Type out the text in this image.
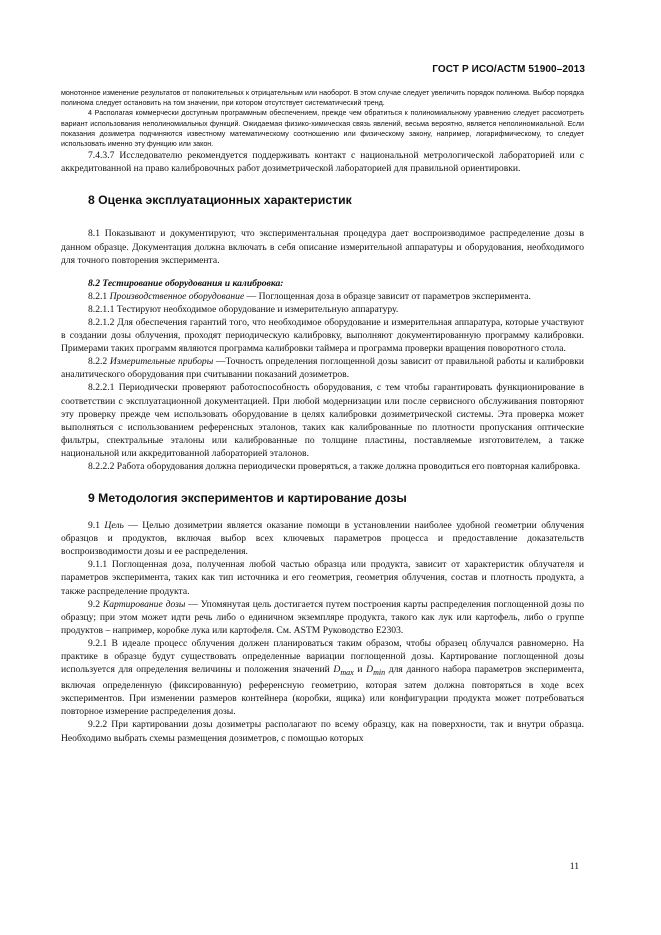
ГОСТ Р ИСО/АСТМ 51900–2013

монотонное изменение результатов от положительных к отрицательным или наоборот. В этом случае следует увеличить порядок полинома. Выбор порядка полинома следует остановить на том значении, при котором отсутствует систематический тренд.

4 Располагая коммерчески доступным программным обеспечением, прежде чем обратиться к полиномиальному уравнению следует рассмотреть вариант использования неполиномиальных функций. Ожидаемая физико-химическая связь явлений, весьма вероятно, является неполиномиальной. Если показания дозиметра подчиняются известному математическому соотношению или физическому закону, например, логарифмическому, то следует использовать именно эту функцию или закон.

7.4.3.7 Исследователю рекомендуется поддерживать контакт с национальной метрологической лабораторией или с аккредитованной на право калибровочных работ дозиметрической лабораторией для правильной ориентировки.

8 Оценка эксплуатационных характеристик

8.1 Показывают и документируют, что экспериментальная процедура дает воспроизводимое распределение дозы в данном образце. Документация должна включать в себя описание измерительной аппаратуры и оборудования, необходимого для точного повторения эксперимента.

8.2 Тестирование оборудования и калибровка:

8.2.1 Производственное оборудование — Поглощенная доза в образце зависит от параметров эксперимента.

8.2.1.1 Тестируют необходимое оборудование и измерительную аппаратуру.

8.2.1.2 Для обеспечения гарантий того, что необходимое оборудование и измерительная аппаратура, которые участвуют в создании дозы облучения, проходят периодическую калибровку, выполняют документированную программу калибровки. Примерами таких программ являются программа калибровки таймера и программа проверки вращения поворотного стола.

8.2.2 Измерительные приборы —Точность определения поглощенной дозы зависит от правильной работы и калибровки аналитического оборудования при считывании показаний дозиметров.

8.2.2.1 Периодически проверяют работоспособность оборудования, с тем чтобы гарантировать функционирование в соответствии с эксплуатационной документацией. При любой модернизации или после сервисного обслуживания повторяют эту проверку прежде чем использовать оборудование в целях калибровки дозиметрической системы. Эта проверка может выполняться с использованием референсных эталонов, таких как калиброванные по плотности пропускания оптические фильтры, спектральные эталоны или калиброванные по толщине пластины, поставляемые изготовителем, а также национальной или аккредитованной лабораторией эталонов.

8.2.2.2 Работа оборудования должна периодически проверяться, а также должна проводиться его повторная калибровка.

9 Методология экспериментов и картирование дозы

9.1 Цель — Целью дозиметрии является оказание помощи в установлении наиболее удобной геометрии облучения образцов и продуктов, включая выбор всех ключевых параметров процесса и предоставление доказательств воспроизводимости дозы и ее распределения.

9.1.1 Поглощенная доза, полученная любой частью образца или продукта, зависит от характеристик облучателя и параметров эксперимента, таких как тип источника и его геометрия, геометрия облучения, состав и плотность продукта, а также распределение продукта.

9.2 Картирование дозы — Упомянутая цель достигается путем построения карты распределения поглощенной дозы по образцу; при этом может идти речь либо о единичном экземпляре продукта, такого как лук или картофель, либо о группе продуктов – например, коробке лука или картофеля. См. ASTM Руководство Е2303.

9.2.1 В идеале процесс облучения должен планироваться таким образом, чтобы образец облучался равномерно. На практике в образце будут существовать определенные вариации поглощенной дозы. Картирование поглощенной дозы используется для определения величины и положения значений $D_{max}$ и $D_{min}$ для данного набора параметров эксперимента, включая определенную (фиксированную) референсную геометрию, которая затем должна повторяться в ходе всех экспериментов. При изменении размеров контейнера (коробки, ящика) или конфигурации продукта может потребоваться повторное измерение распределения дозы.

9.2.2 При картировании дозы дозиметры располагают по всему образцу, как на поверхности, так и внутри образца. Необходимо выбрать схемы размещения дозиметров, с помощью которых

11
